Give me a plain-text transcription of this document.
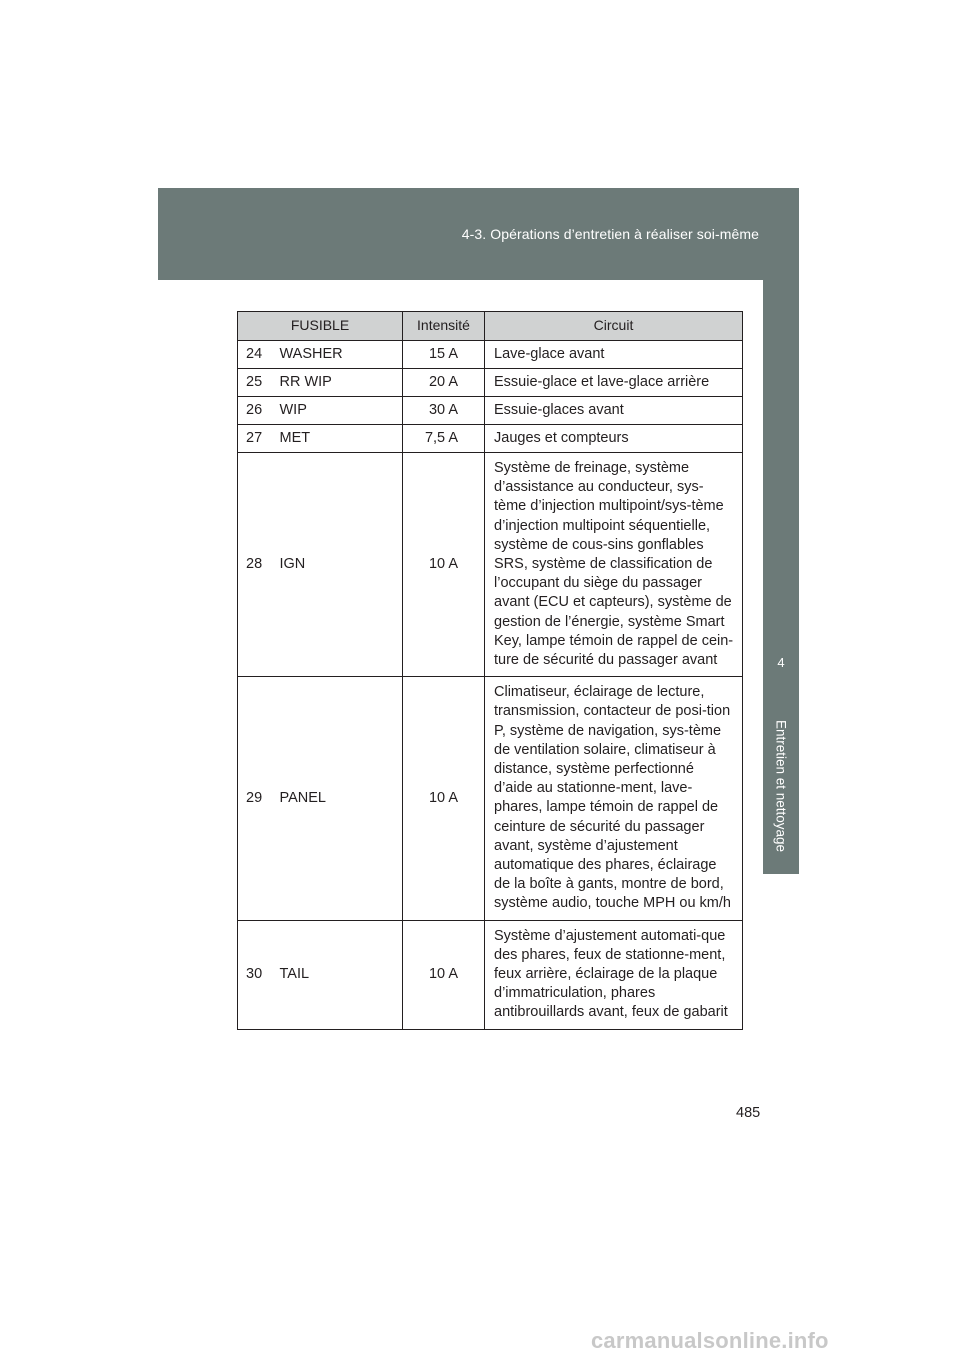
4-3. Opérations d’entretien à réaliser soi-même
4
Entretien et nettoyage
FUSIBLE		Intensité	Circuit
24	WASHER	15 A	Lave-glace avant
25	RR WIP	20 A	Essuie-glace et lave-glace arrière
26	WIP	30 A	Essuie-glaces avant
27	MET	7,5 A	Jauges et compteurs
28	IGN	10 A	Système de freinage, système d’assistance au conducteur, sys-tème d’injection multipoint/sys-tème d’injection multipoint séquentielle, système de cous-sins gonflables SRS, système de classification de l’occupant du siège du passager avant (ECU et capteurs), système de gestion de l’énergie, système Smart Key, lampe témoin de rappel de cein-ture de sécurité du passager avant
29	PANEL	10 A	Climatiseur, éclairage de lecture, transmission, contacteur de posi-tion P, système de navigation, sys-tème de ventilation solaire, climatiseur à distance, système perfectionné d’aide au stationne-ment, lave-phares, lampe témoin de rappel de ceinture de sécurité du passager avant, système d’ajustement automatique des phares, éclairage de la boîte à gants, montre de bord, système audio, touche MPH ou km/h
30	TAIL	10 A	Système d’ajustement automati-que des phares, feux de stationne-ment, feux arrière, éclairage de la plaque d’immatriculation, phares antibrouillards avant, feux de gabarit
485
carmanualsonline.info
